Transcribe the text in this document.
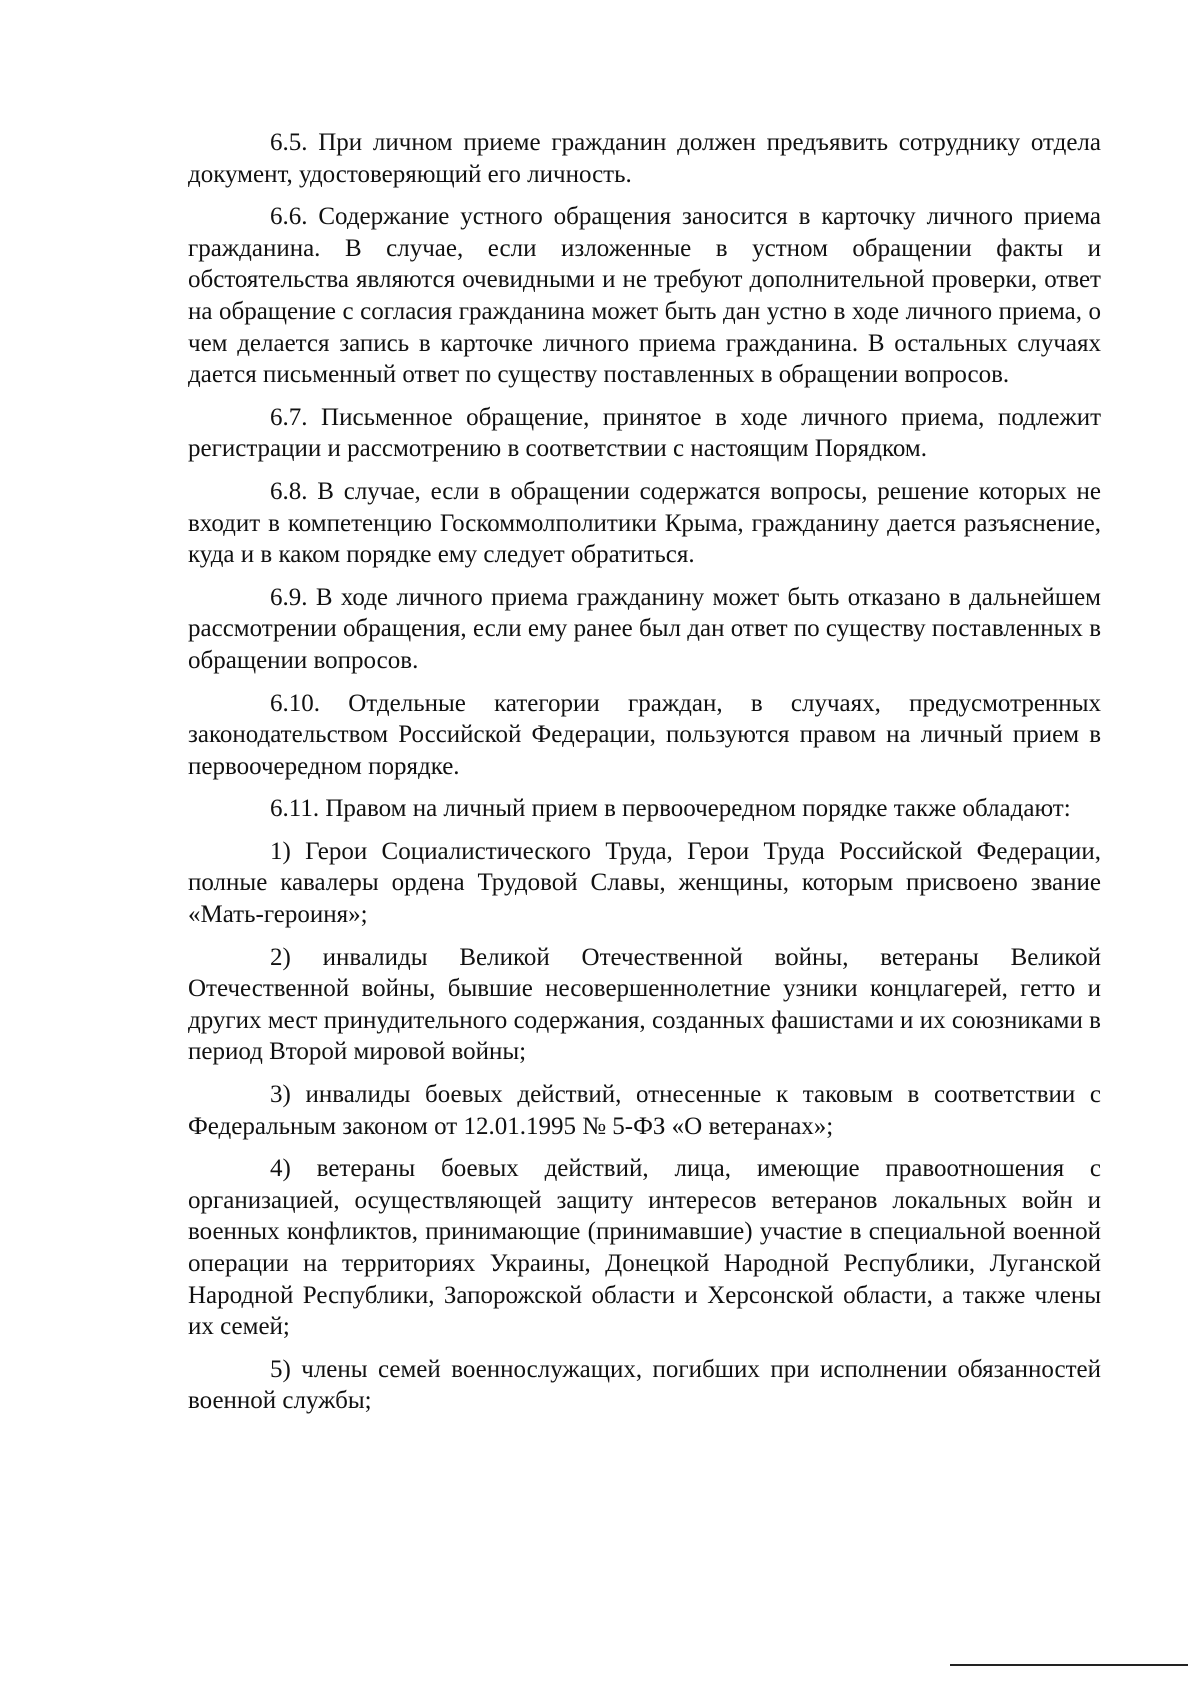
6.5. При личном приеме гражданин должен предъявить сотруднику отдела документ, удостоверяющий его личность.

6.6. Содержание устного обращения заносится в карточку личного приема гражданина. В случае, если изложенные в устном обращении факты и обстоятельства являются очевидными и не требуют дополнительной проверки, ответ на обращение с согласия гражданина может быть дан устно в ходе личного приема, о чем делается запись в карточке личного приема гражданина. В остальных случаях дается письменный ответ по существу поставленных в обращении вопросов.

6.7. Письменное обращение, принятое в ходе личного приема, подлежит регистрации и рассмотрению в соответствии с настоящим Порядком.

6.8. В случае, если в обращении содержатся вопросы, решение которых не входит в компетенцию Госкоммолполитики Крыма, гражданину дается разъяснение, куда и в каком порядке ему следует обратиться.

6.9. В ходе личного приема гражданину может быть отказано в дальнейшем рассмотрении обращения, если ему ранее был дан ответ по существу поставленных в обращении вопросов.

6.10. Отдельные категории граждан, в случаях, предусмотренных законодательством Российской Федерации, пользуются правом на личный прием в первоочередном порядке.

6.11. Правом на личный прием в первоочередном порядке также обладают:

1) Герои Социалистического Труда, Герои Труда Российской Федерации, полные кавалеры ордена Трудовой Славы, женщины, которым присвоено звание «Мать-героиня»;

2) инвалиды Великой Отечественной войны, ветераны Великой Отечественной войны, бывшие несовершеннолетние узники концлагерей, гетто и других мест принудительного содержания, созданных фашистами и их союзниками в период Второй мировой войны;

3) инвалиды боевых действий, отнесенные к таковым в соответствии с Федеральным законом от 12.01.1995 № 5-ФЗ «О ветеранах»;

4) ветераны боевых действий, лица, имеющие правоотношения с организацией, осуществляющей защиту интересов ветеранов локальных войн и военных конфликтов, принимающие (принимавшие) участие в специальной военной операции на территориях Украины, Донецкой Народной Республики, Луганской Народной Республики, Запорожской области и Херсонской области, а также члены их семей;

5) члены семей военнослужащих, погибших при исполнении обязанностей военной службы;
